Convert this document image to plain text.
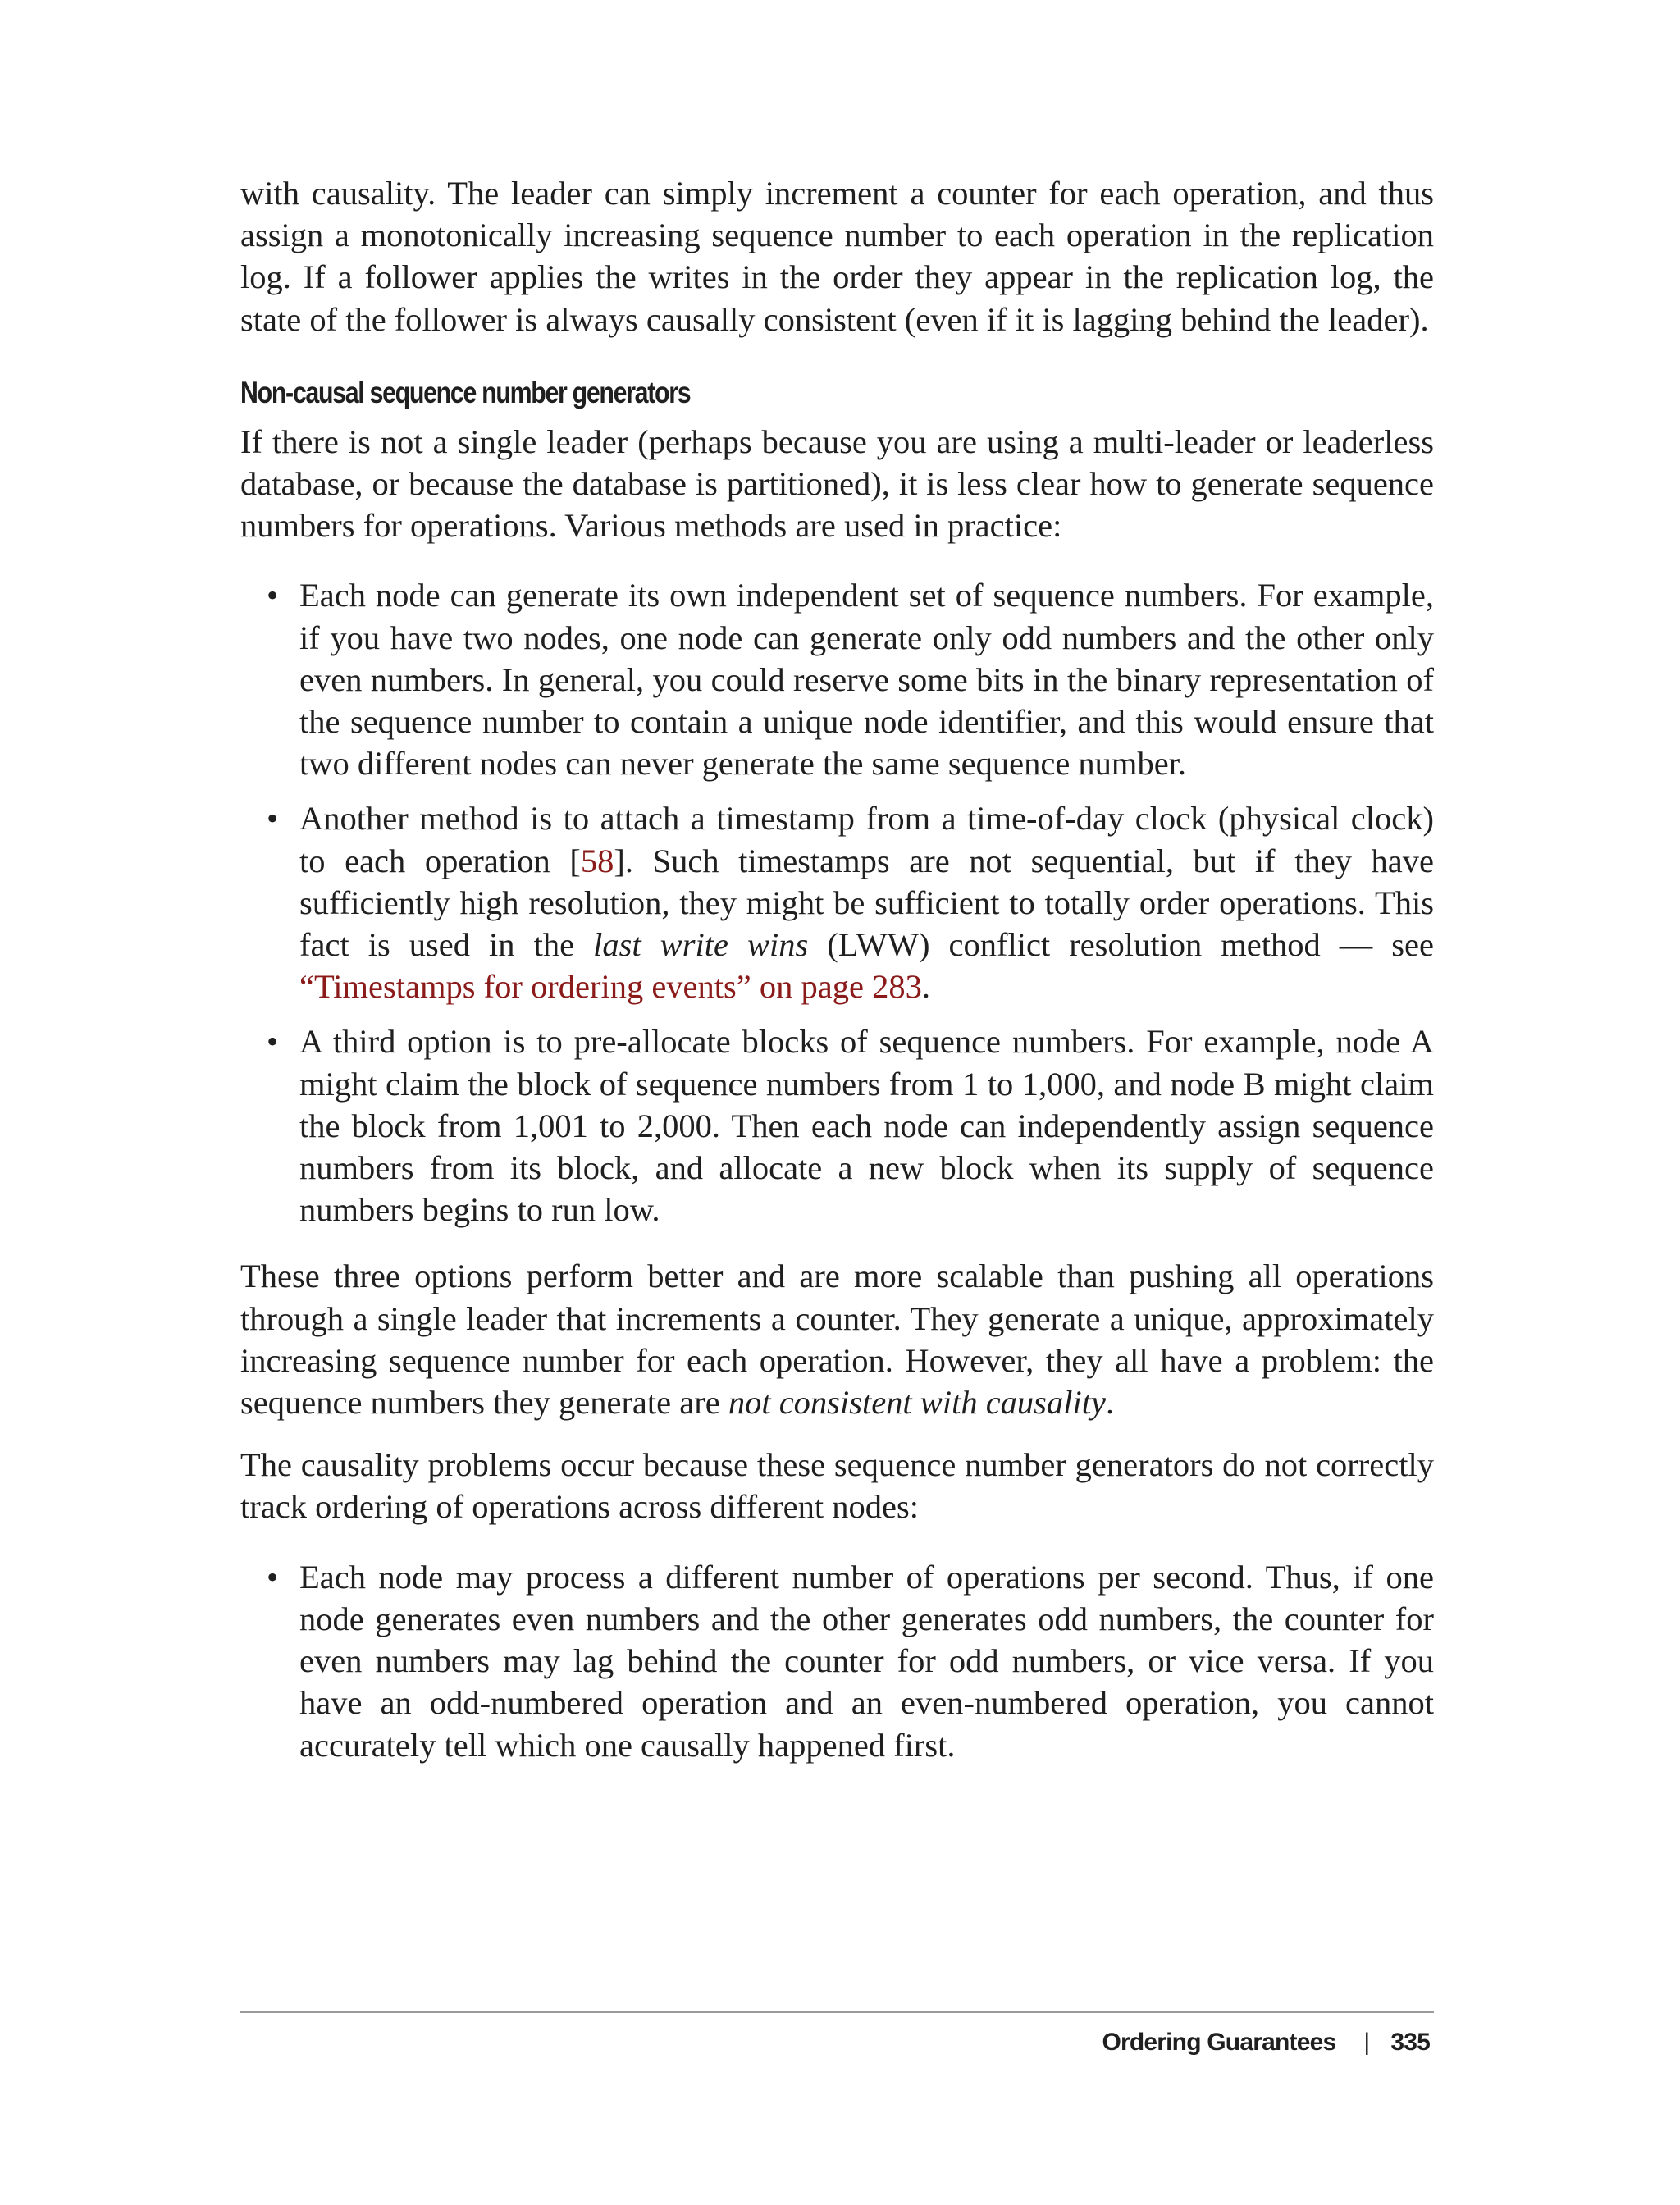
with causality. The leader can simply increment a counter for each operation, and thus assign a monotonically increasing sequence number to each operation in the replication log. If a follower applies the writes in the order they appear in the replication log, the state of the follower is always causally consistent (even if it is lagging behind the leader).

Non-causal sequence number generators

If there is not a single leader (perhaps because you are using a multi-leader or leaderless database, or because the database is partitioned), it is less clear how to generate sequence numbers for operations. Various methods are used in practice:

• Each node can generate its own independent set of sequence numbers. For example, if you have two nodes, one node can generate only odd numbers and the other only even numbers. In general, you could reserve some bits in the binary representation of the sequence number to contain a unique node identifier, and this would ensure that two different nodes can never generate the same sequence number.
• Another method is to attach a timestamp from a time-of-day clock (physical clock) to each operation [58]. Such timestamps are not sequential, but if they have sufficiently high resolution, they might be sufficient to totally order operations. This fact is used in the last write wins (LWW) conflict resolution method — see “Timestamps for ordering events” on page 283.
• A third option is to pre-allocate blocks of sequence numbers. For example, node A might claim the block of sequence numbers from 1 to 1,000, and node B might claim the block from 1,001 to 2,000. Then each node can independently assign sequence numbers from its block, and allocate a new block when its supply of sequence numbers begins to run low.

These three options perform better and are more scalable than pushing all operations through a single leader that increments a counter. They generate a unique, approximately increasing sequence number for each operation. However, they all have a problem: the sequence numbers they generate are not consistent with causality.

The causality problems occur because these sequence number generators do not correctly track ordering of operations across different nodes:

• Each node may process a different number of operations per second. Thus, if one node generates even numbers and the other generates odd numbers, the counter for even numbers may lag behind the counter for odd numbers, or vice versa. If you have an odd-numbered operation and an even-numbered operation, you cannot accurately tell which one causally happened first.
Ordering Guarantees | 335
